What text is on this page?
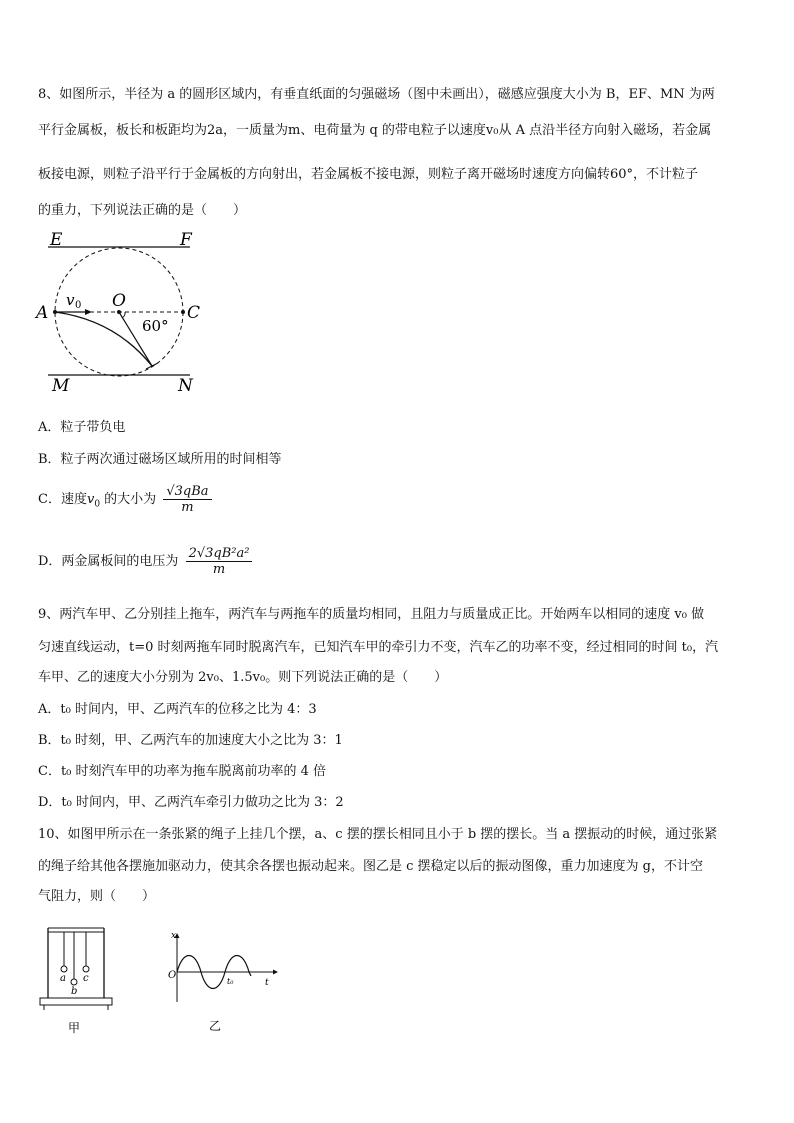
8、如图所示，半径为 a 的圆形区域内，有垂直纸面的匀强磁场（图中未画出），磁感应强度大小为 B，EF、MN 为两
平行金属板，板长和板距均为2a，一质量为m、电荷量为 q 的带电粒子以速度v₀从 A 点沿半径方向射入磁场，若金属
板接电源，则粒子沿平行于金属板的方向射出，若金属板不接电源，则粒子离开磁场时速度方向偏转60°，不计粒子
的重力，下列说法正确的是（　　）
E	F
A
O
C
M	N
v 0
60°
A．粒子带负电
B．粒子两次通过磁场区域所用的时间相等
C．速度$v_0$ 的大小为 $\frac{\text{√3qBa}}{m}$
D．两金属板间的电压为 $\frac{\text{2√3qB²a²}}{m}$
9、两汽车甲、乙分别挂上拖车，两汽车与两拖车的质量均相同，且阻力与质量成正比。开始两车以相同的速度 v₀ 做
匀速直线运动，t=0 时刻两拖车同时脱离汽车，已知汽车甲的牵引力不变，汽车乙的功率不变，经过相同的时间 t₀，汽
车甲、乙的速度大小分别为 2v₀、1.5v₀。则下列说法正确的是（　　）
A．t₀ 时间内，甲、乙两汽车的位移之比为 4：3
B．t₀ 时刻，甲、乙两汽车的加速度大小之比为 3：1
C．t₀ 时刻汽车甲的功率为拖车脱离前功率的 4 倍
D．t₀ 时间内，甲、乙两汽车牵引力做功之比为 3：2
10、如图甲所示在一条张紧的绳子上挂几个摆，a、c 摆的摆长相同且小于 b 摆的摆长。当 a 摆振动的时候，通过张紧
的绳子给其他各摆施加驱动力，使其余各摆也振动起来。图乙是 c 摆稳定以后的振动图像，重力加速度为 g，不计空
气阻力，则（　　）
a
b
c
甲
x
O
t₀	t
乙
